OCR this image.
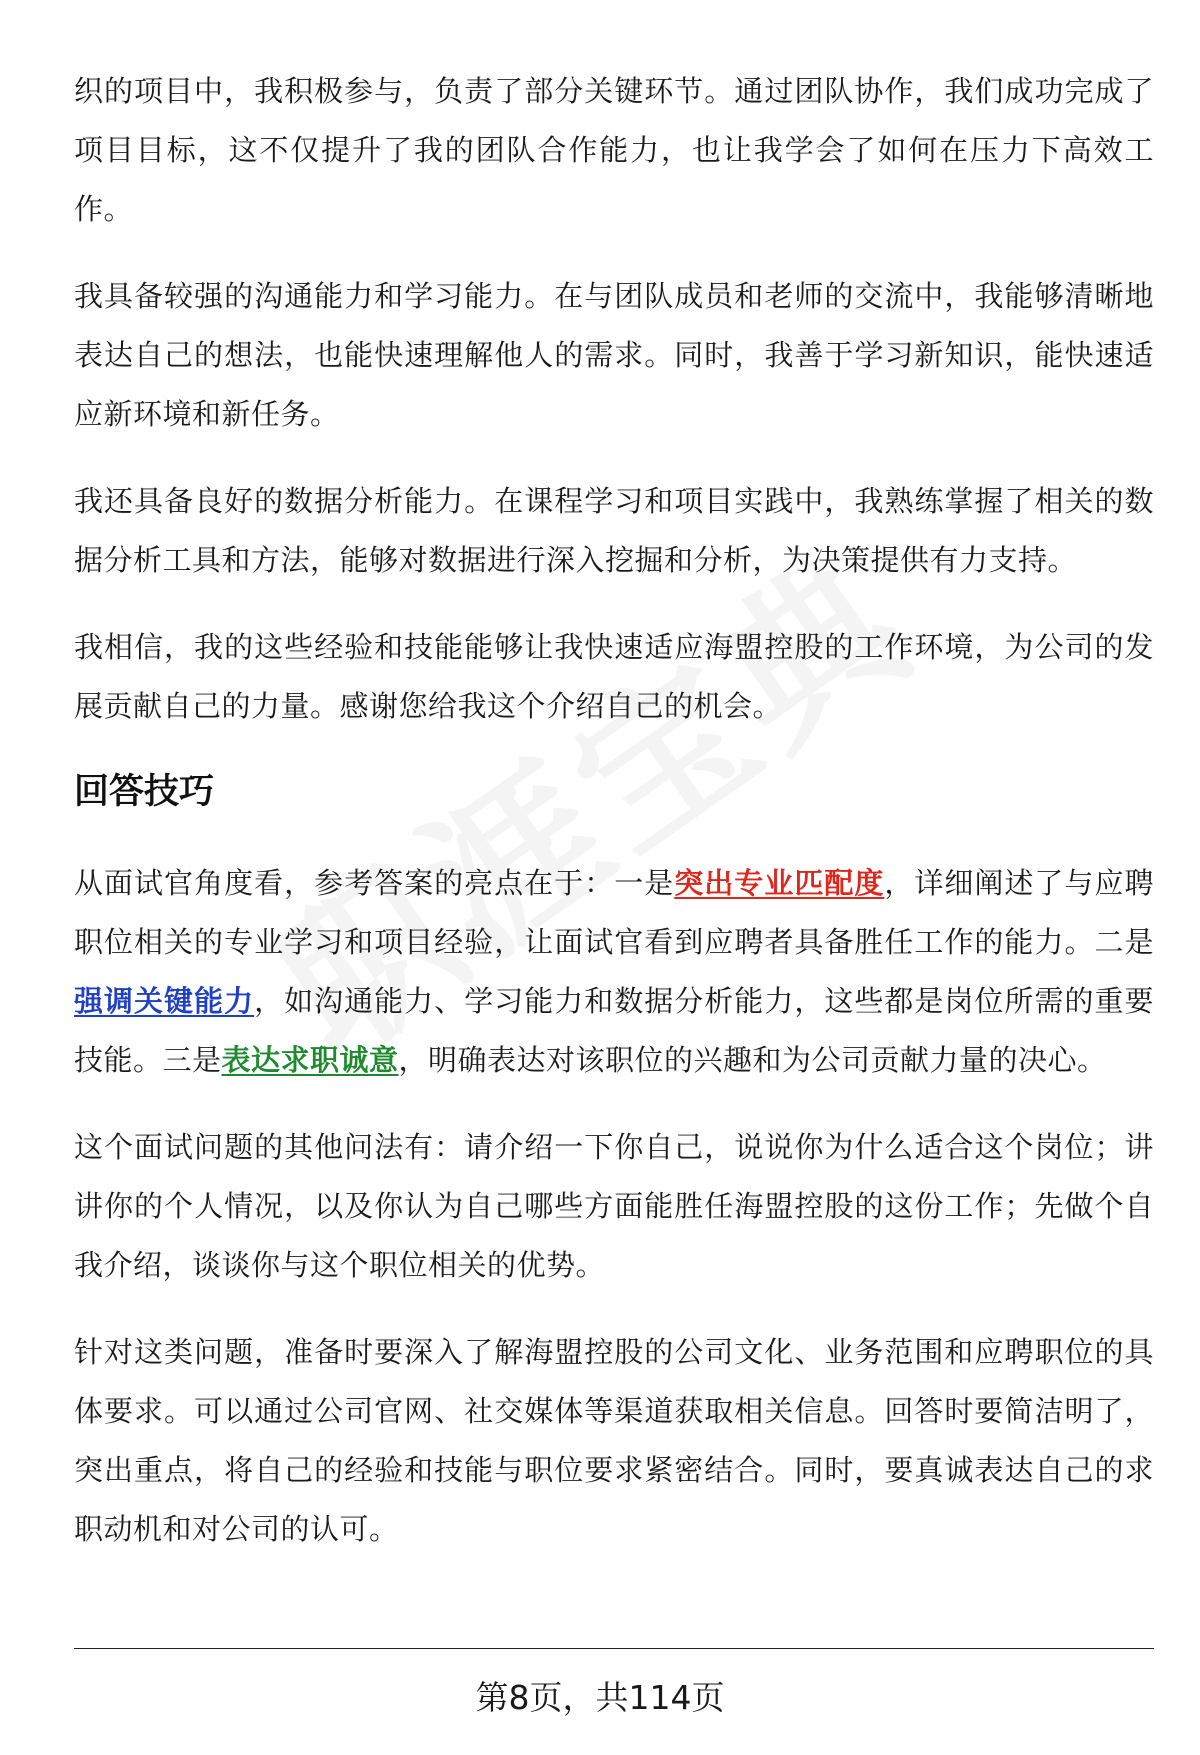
织的项目中，我积极参与，负责了部分关键环节。通过团队协作，我们成功完成了项目目标，这不仅提升了我的团队合作能力，也让我学会了如何在压力下高效工作。

我具备较强的沟通能力和学习能力。在与团队成员和老师的交流中，我能够清晰地表达自己的想法，也能快速理解他人的需求。同时，我善于学习新知识，能快速适应新环境和新任务。

我还具备良好的数据分析能力。在课程学习和项目实践中，我熟练掌握了相关的数据分析工具和方法，能够对数据进行深入挖掘和分析，为决策提供有力支持。

我相信，我的这些经验和技能能够让我快速适应海盟控股的工作环境，为公司的发展贡献自己的力量。感谢您给我这个介绍自己的机会。

回答技巧

从面试官角度看，参考答案的亮点在于：一是突出专业匹配度，详细阐述了与应聘职位相关的专业学习和项目经验，让面试官看到应聘者具备胜任工作的能力。二是强调关键能力，如沟通能力、学习能力和数据分析能力，这些都是岗位所需的重要技能。三是表达求职诚意，明确表达对该职位的兴趣和为公司贡献力量的决心。

这个面试问题的其他问法有：请介绍一下你自己，说说你为什么适合这个岗位；讲讲你的个人情况，以及你认为自己哪些方面能胜任海盟控股的这份工作；先做个自我介绍，谈谈你与这个职位相关的优势。

针对这类问题，准备时要深入了解海盟控股的公司文化、业务范围和应聘职位的具体要求。可以通过公司官网、社交媒体等渠道获取相关信息。回答时要简洁明了，突出重点，将自己的经验和技能与职位要求紧密结合。同时，要真诚表达自己的求职动机和对公司的认可。

第8页，共114页
